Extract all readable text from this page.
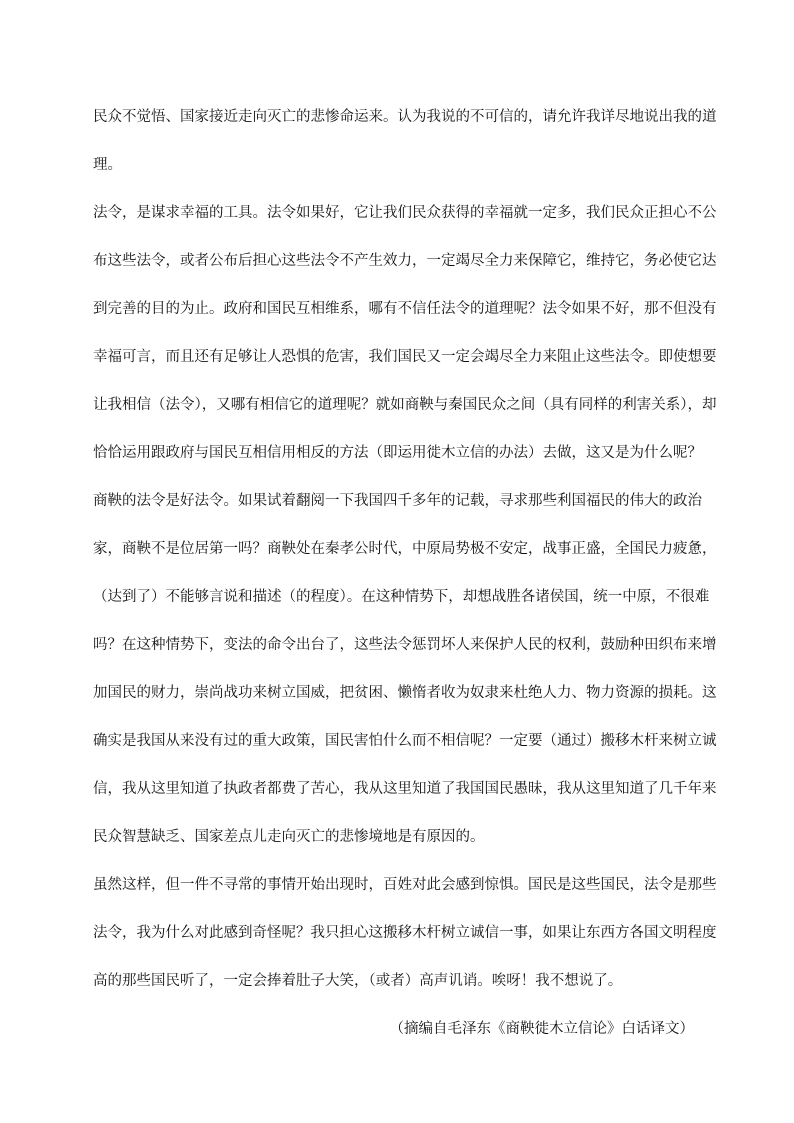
民众不觉悟、国家接近走向灭亡的悲惨命运来。认为我说的不可信的，请允许我详尽地说出我的道
理。
法令，是谋求幸福的工具。法令如果好，它让我们民众获得的幸福就一定多，我们民众正担心不公
布这些法令，或者公布后担心这些法令不产生效力，一定竭尽全力来保障它，维持它，务必使它达
到完善的目的为止。政府和国民互相维系，哪有不信任法令的道理呢？法令如果不好，那不但没有
幸福可言，而且还有足够让人恐惧的危害，我们国民又一定会竭尽全力来阻止这些法令。即使想要
让我相信（法令），又哪有相信它的道理呢？就如商鞅与秦国民众之间（具有同样的利害关系），却
恰恰运用跟政府与国民互相信用相反的方法（即运用徙木立信的办法）去做，这又是为什么呢？
商鞅的法令是好法令。如果试着翻阅一下我国四千多年的记载，寻求那些利国福民的伟大的政治
家，商鞅不是位居第一吗？商鞅处在秦孝公时代，中原局势极不安定，战事正盛，全国民力疲惫，
（达到了）不能够言说和描述（的程度）。在这种情势下，却想战胜各诸侯国，统一中原，不很难
吗？在这种情势下，变法的命令出台了，这些法令惩罚坏人来保护人民的权利，鼓励种田织布来增
加国民的财力，崇尚战功来树立国威，把贫困、懒惰者收为奴隶来杜绝人力、物力资源的损耗。这
确实是我国从来没有过的重大政策，国民害怕什么而不相信呢？一定要（通过）搬移木杆来树立诚
信，我从这里知道了执政者都费了苦心，我从这里知道了我国国民愚昧，我从这里知道了几千年来
民众智慧缺乏、国家差点儿走向灭亡的悲惨境地是有原因的。
虽然这样，但一件不寻常的事情开始出现时，百姓对此会感到惊惧。国民是这些国民，法令是那些
法令，我为什么对此感到奇怪呢？我只担心这搬移木杆树立诚信一事，如果让东西方各国文明程度
高的那些国民听了，一定会捧着肚子大笑，（或者）高声讥诮。唉呀！我不想说了。
（摘编自毛泽东《商鞅徙木立信论》白话译文）
